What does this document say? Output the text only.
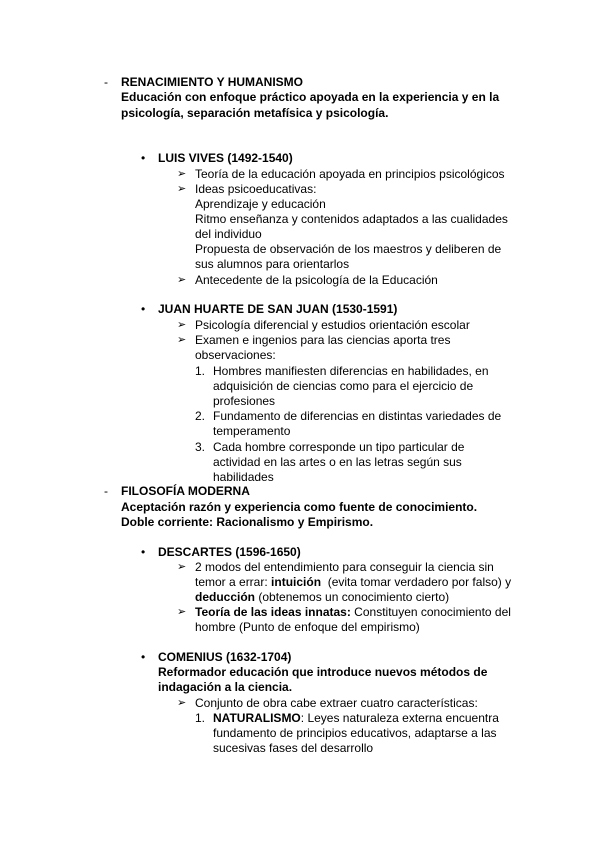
- RENACIMIENTO Y HUMANISMO
Educación con enfoque práctico apoyada en la experiencia y en la
psicología, separación metafísica y psicología.
• LUIS VIVES (1492-1540)
➢ Teoría de la educación apoyada en principios psicológicos
➢ Ideas psicoeducativas:
Aprendizaje y educación
Ritmo enseñanza y contenidos adaptados a las cualidades
del individuo
Propuesta de observación de los maestros y deliberen de
sus alumnos para orientarlos
➢ Antecedente de la psicología de la Educación
• JUAN HUARTE DE SAN JUAN (1530-1591)
➢ Psicología diferencial y estudios orientación escolar
➢ Examen e ingenios para las ciencias aporta tres
observaciones:
1. Hombres manifiesten diferencias en habilidades, en
adquisición de ciencias como para el ejercicio de
profesiones
2. Fundamento de diferencias en distintas variedades de
temperamento
3. Cada hombre corresponde un tipo particular de
actividad en las artes o en las letras según sus
habilidades
- FILOSOFÍA MODERNA
Aceptación razón y experiencia como fuente de conocimiento.
Doble corriente: Racionalismo y Empirismo.
• DESCARTES (1596-1650)
➢ 2 modos del entendimiento para conseguir la ciencia sin
temor a errar: intuición  (evita tomar verdadero por falso) y
deducción (obtenemos un conocimiento cierto)
➢ Teoría de las ideas innatas: Constituyen conocimiento del
hombre (Punto de enfoque del empirismo)
• COMENIUS (1632-1704)
Reformador educación que introduce nuevos métodos de
indagación a la ciencia.
➢ Conjunto de obra cabe extraer cuatro características:
1. NATURALISMO: Leyes naturaleza externa encuentra
fundamento de principios educativos, adaptarse a las
sucesivas fases del desarrollo
